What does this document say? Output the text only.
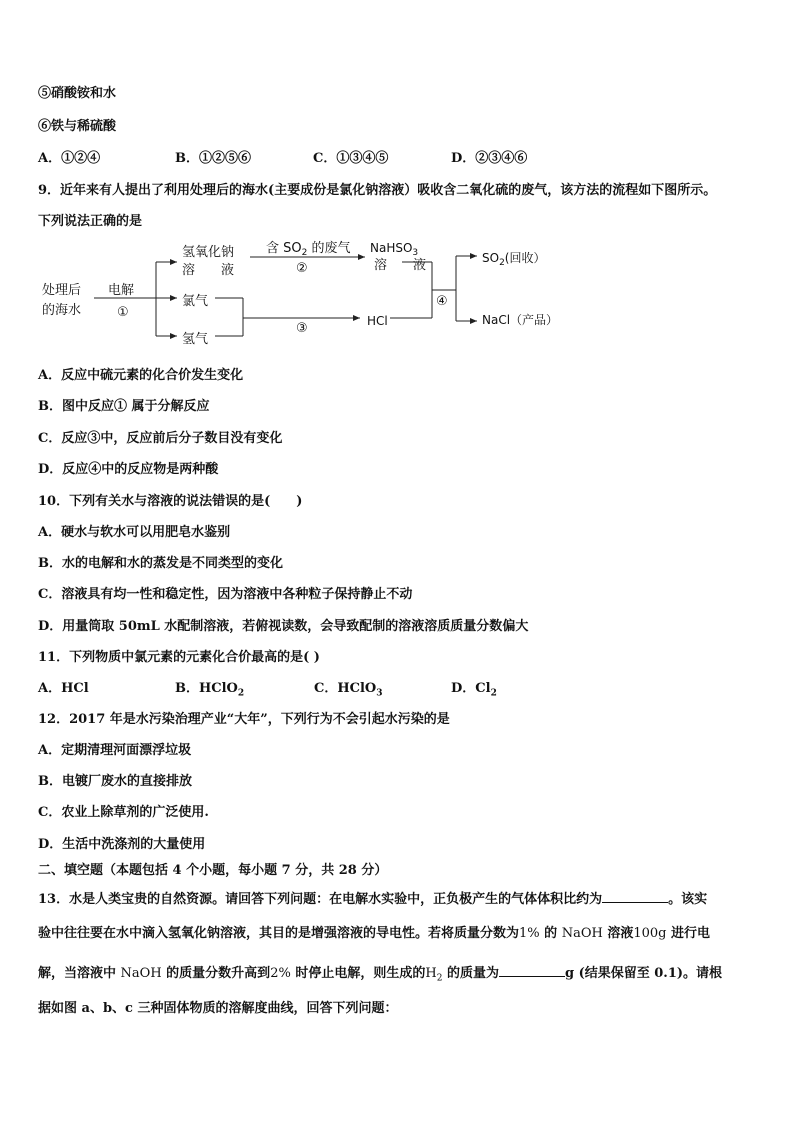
⑤硝酸铵和水
⑥铁与稀硫酸
A．①②④	B．①②⑤⑥	C．①③④⑤	D．②③④⑥
9．近年来有人提出了利用处理后的海水(主要成份是氯化钠溶液）吸收含二氧化硫的废气，该方法的流程如下图所示。
下列说法正确的是
处理后
的海水
电解
①
氢氧化钠
溶　　液
氯气
氢气
含 $SO_2$ 的废气
②
NaHSO$_3$
溶　　液
③	HCl
④
$SO_2$(回收）
NaCl（产品）
A．反应中硫元素的化合价发生变化
B．图中反应① 属于分解反应
C．反应③中，反应前后分子数目没有变化
D．反应④中的反应物是两种酸
10．下列有关水与溶液的说法错误的是(　　)
A．硬水与软水可以用肥皂水鉴别
B．水的电解和水的蒸发是不同类型的变化
C．溶液具有均一性和稳定性，因为溶液中各种粒子保持静止不动
D．用量筒取 50mL 水配制溶液，若俯视读数，会导致配制的溶液溶质质量分数偏大
11．下列物质中氯元素的元素化合价最高的是( )
A．HCl	B．HClO$_2$	C．HClO$_3$	D．$Cl_2$
12．2017 年是水污染治理产业“大年”，下列行为不会引起水污染的是
A．定期清理河面漂浮垃圾
B．电镀厂废水的直接排放
C．农业上除草剂的广泛使用.
D．生活中洗涤剂的大量使用
二、填空题（本题包括 4 个小题，每小题 7 分，共 28 分）
13．水是人类宝贵的自然资源。请回答下列问题：在电解水实验中，正负极产生的气体体积比约为	。该实
验中往往要在水中滴入氢氧化钠溶液，其目的是增强溶液的导电性。若将质量分数为1% 的 NaOH 溶液100g 进行电
解，当溶液中 NaOH 的质量分数升高到2% 时停止电解，则生成的$H_2$ 的质量为	g (结果保留至 0.1)。请根
据如图 a、b、c 三种固体物质的溶解度曲线，回答下列问题：
